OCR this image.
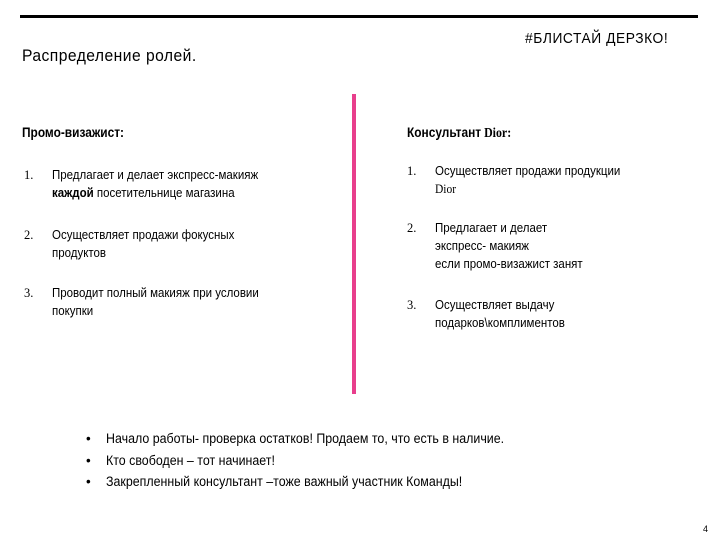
Распределение ролей.
#БЛИСТАЙ ДЕРЗКО!
Промо-визажист:
1. Предлагает и делает экспресс-макияж
каждой посетительнице магазина
2. Осуществляет продажи фокусных
продуктов
3. Проводит полный макияж при условии
покупки
Консультант Dior:
1. Осуществляет продажи продукции
Dior
2. Предлагает и делает
экспресс- макияж
если промо-визажист занят
3. Осуществляет выдачу
подарков\комплиментов
• Начало работы- проверка остатков! Продаем то, что есть в наличие.
• Кто свободен – тот начинает!
• Закрепленный консультант –тоже важный участник Команды!
4
